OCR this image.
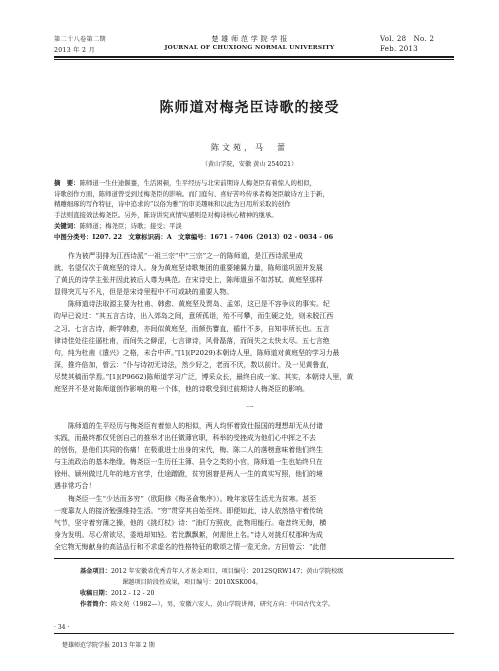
第二十八卷第二期
2013 年 2 月
楚 雄 师 范 学 院 学 报
JOURNAL OF CHUXIONG NORMAL UNIVERSITY
Vol. 28　No. 2
Feb. 2013
陈师道对梅尧臣诗歌的接受
陈文苑，马　蕾
（黄山学院，安徽 黄山 254021）
摘　要：陈师道一生仕途偃蹇，生活困顿，生平经历与北宋前期诗人梅尧臣有着惊人的相似，
诗歌创作方面，陈师道曾受到过梅尧臣的影响。而门庭句、喜好苦吟传承者梅尧臣敏诗方主于新，
精雕细琢的写作特征，诗中追求的“以俗为雅”的审美趣味和以此为日用所采取的创作
手法则直接效法梅尧臣。另外，陈诗讲究真情实感则是对梅诗核心精神的继承。
关键词：陈师道；梅尧臣；诗歌；接受；平淡
中图分类号：I207. 22　文章标识码：A　文章编号：1671 - 7406（2013）02 - 0034 - 06
作为被严羽排为江西诗派“一祖三宗”中“三宗”之一的陈师道，是江西诗派里成
就、名望仅次于黄庭坚的诗人。身为黄庭坚诗歌集团的重要辅翼力量，陈师道巩固并发展
了黄氏的诗学主张并因此被后人尊为典范。在宋诗史上，陈师道虽不如苏轼、黄庭坚那样
显得突兀与不凡，但是是宋诗里程中不可或缺的重要人物。
陈师道诗法取源主要为杜甫、韩愈、黄庭坚及贾岛、孟郊，这已是不容争议的事实。纪
昀早已说过：“其五言古诗，出入郊岛之间，意所孤诣，殆不可攀，而生硬之处，则未脱江西
之习。七言古诗，颇学韩愈，亦间似黄庭坚，而颇伤謇直，循什不多，自知非所长也。五言
律诗佳处往往逼杜甫，而间失之僻涩，七言律诗，风骨磊落，而间失之太快太尽。五七言绝
句，纯为杜甫《遣兴》之格，未合中声。”[1](P2029)本朝诗人里，陈师道对黄庭坚的学习力最
深，推许倍加，曾云：“仆与诗初无诗法，然少好之，老而不厌，数以前计。及一见黄鲁直，
尽焚其稿而学焉。”[1](P9662)陈师道学习广泛，博采众长，最终自成一家。其实，本朝诗人里，黄
庭坚并不是对陈师道创作影响的唯一个体，他的诗歌受到过前期诗人梅尧臣的影响。
一
陈师道的生平经历与梅尧臣有着惊人的相似，两人均怀着致仕报国的理想却无从付诸
实践，而最终都仅凭创自己的推举才出任微薄官职，科举的受挫成为他们心中挥之不去
的创伤，是他们共同的伤痛！在极重进士出身的宋代，梅、陈二人的落榜意味着他们终生
与主流政治的基本绝缘。梅尧臣一生历任主簿、县令之类的小官，陈师道一生也始终只在
徐州、颍州做过几年的地方官学，仕途蹭蹬，贫穷困窘是两人一生的真实写照，他们的境
遇非常巧合！
梅尧臣一生“少达而多穷”（欧阳修《梅圣俞集序》）。晚年家居生活尤为贫寒。甚至
一度靠友人的接济勉强维持生活。“穷”贯穿其自始至终。即便如此，诗人依然恪守着传统
气节，坚守着穷薄之操，他的《挑灯杖》诗：“油灯方照夜，此物用能行。奄昔终无侮，横
身为发明。尽心常欲尽，委地却知轻。若比飘飘絮，何需世上名。”诗人对挑灯杖那种为成
全它物无悔献身的高洁品行和不求虚名的性格特征的歌颂之情一览无余。方回曾云：“此借
基金项目：2012 年安徽省优秀青年人才基金项目，项目编号：2012SQRW147；黄山学院校级
课题项目阶段性成果，项目编号：2010XSK004。
收稿日期：2012 - 12 - 20
作者简介：陈文苑（1982—），男，安徽六安人，黄山学院讲师，研究方向：中国古代文学。
· 34 ·
楚雄师范学院学报 2013 年第 2 期
